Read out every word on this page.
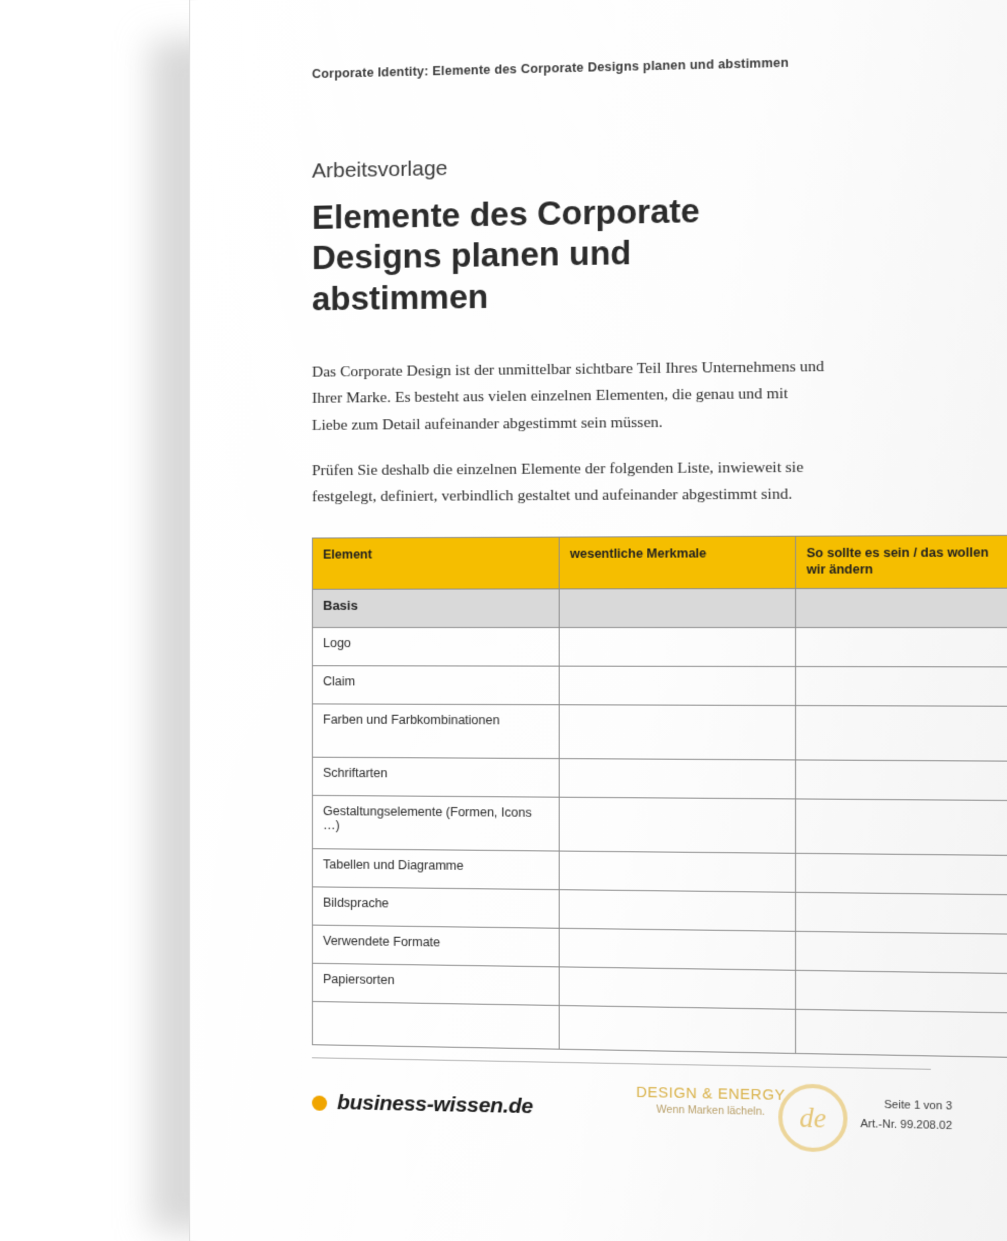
Corporate Identity: Elemente des Corporate Designs planen und abstimmen

Arbeitsvorlage

Elemente des Corporate Designs planen und abstimmen

Das Corporate Design ist der unmittelbar sichtbare Teil Ihres Unternehmens und Ihrer Marke. Es besteht aus vielen einzelnen Elementen, die genau und mit Liebe zum Detail aufeinander abgestimmt sein müssen.

Prüfen Sie deshalb die einzelnen Elemente der folgenden Liste, inwieweit sie festgelegt, definiert, verbindlich gestaltet und aufeinander abgestimmt sind.

Element	wesentliche Merkmale	So sollte es sein / das wollen wir ändern
Basis		
Logo		
Claim		
Farben und Farbkombinationen		
Schriftarten		
Gestaltungselemente (Formen, Icons …)		
Tabellen und Diagramme		
Bildsprache		
Verwendete Formate		
Papiersorten		

business-wissen.de	DESIGN & ENERGY
Wenn Marken lächeln.	de	Seite 1 von 3
Art.-Nr. 99.208.02
